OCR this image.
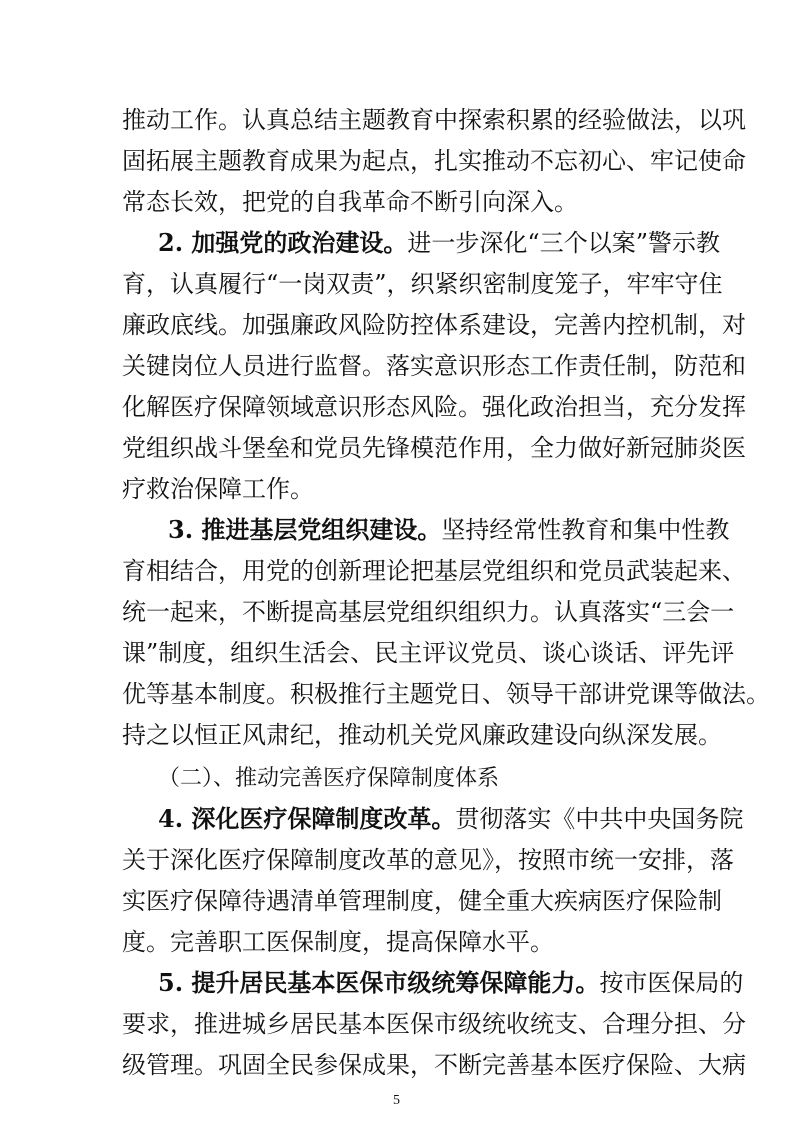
推动工作。认真总结主题教育中探索积累的经验做法，以巩
固拓展主题教育成果为起点，扎实推动不忘初心、牢记使命
常态长效，把党的自我革命不断引向深入。
2. 加强党的政治建设。进一步深化“三个以案”警示教
育，认真履行“一岗双责”，织紧织密制度笼子，牢牢守住
廉政底线。加强廉政风险防控体系建设，完善内控机制，对
关键岗位人员进行监督。落实意识形态工作责任制，防范和
化解医疗保障领域意识形态风险。强化政治担当，充分发挥
党组织战斗堡垒和党员先锋模范作用，全力做好新冠肺炎医
疗救治保障工作。
3. 推进基层党组织建设。坚持经常性教育和集中性教
育相结合，用党的创新理论把基层党组织和党员武装起来、
统一起来，不断提高基层党组织组织力。认真落实“三会一
课”制度，组织生活会、民主评议党员、谈心谈话、评先评
优等基本制度。积极推行主题党日、领导干部讲党课等做法。
持之以恒正风肃纪，推动机关党风廉政建设向纵深发展。
（二）、推动完善医疗保障制度体系
4. 深化医疗保障制度改革。贯彻落实《中共中央国务院
关于深化医疗保障制度改革的意见》，按照市统一安排，落
实医疗保障待遇清单管理制度，健全重大疾病医疗保险制
度。完善职工医保制度，提高保障水平。
5. 提升居民基本医保市级统筹保障能力。按市医保局的
要求，推进城乡居民基本医保市级统收统支、合理分担、分
级管理。巩固全民参保成果，不断完善基本医疗保险、大病
5
